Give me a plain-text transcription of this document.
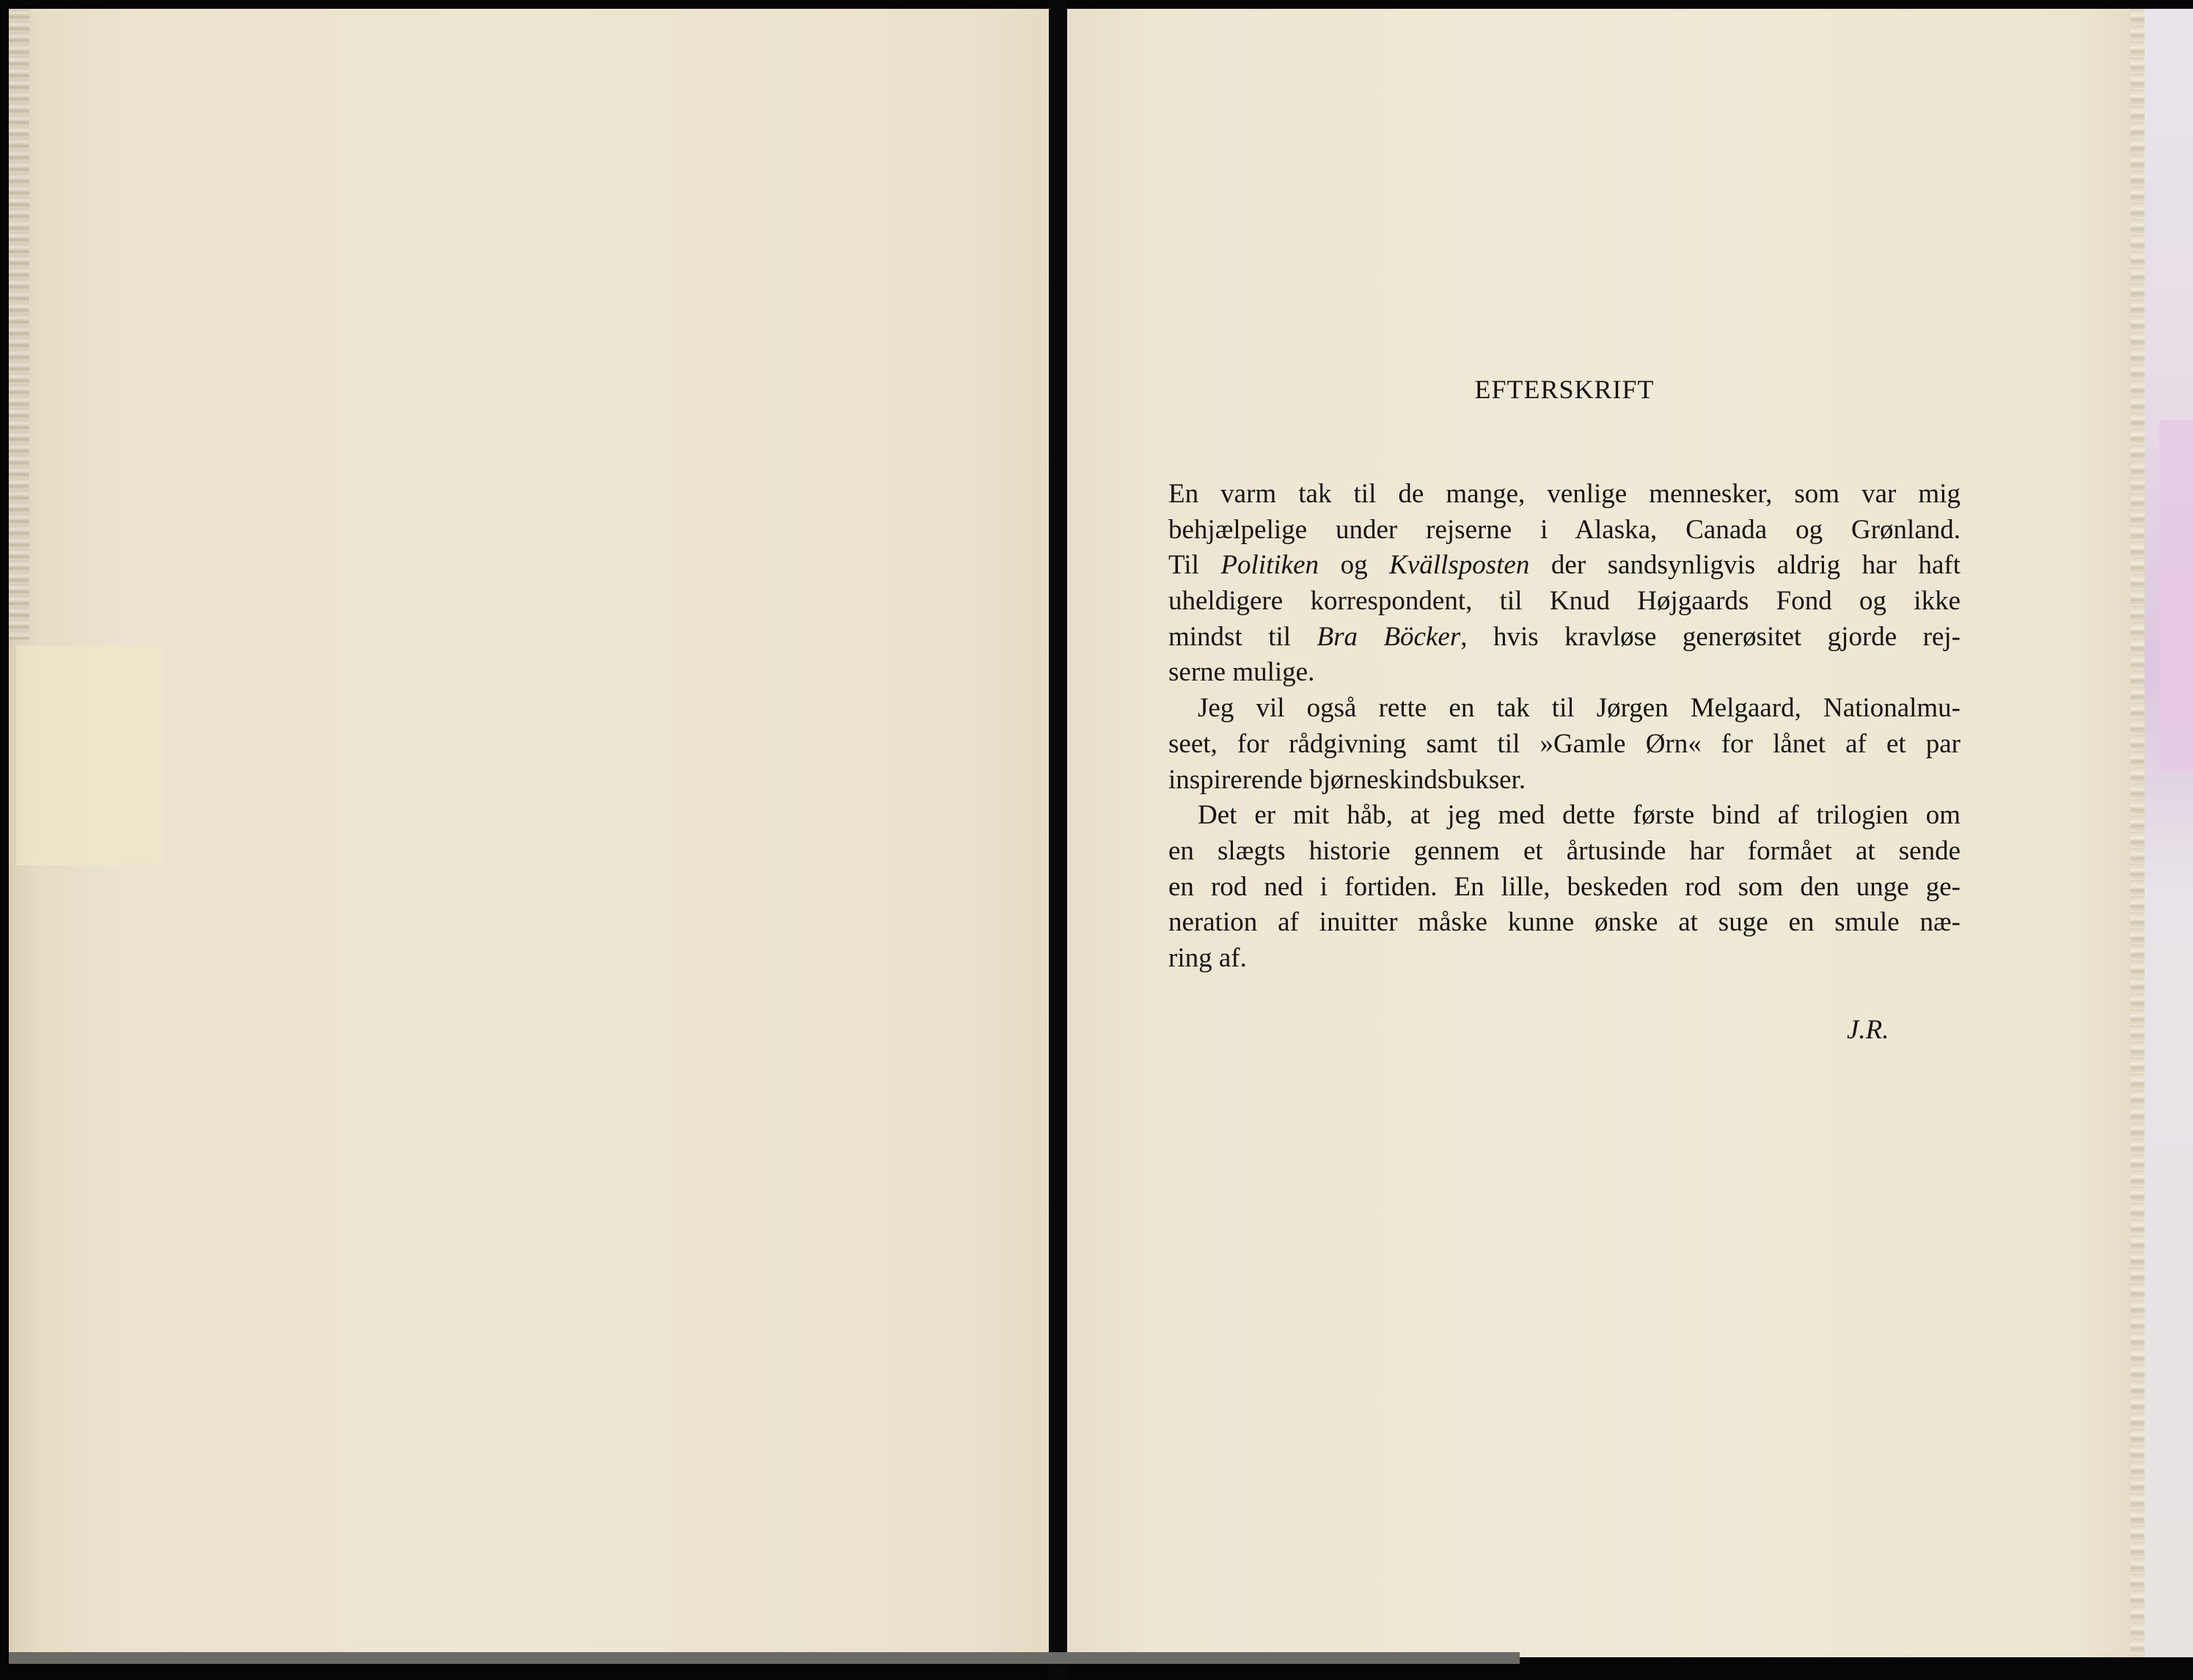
EFTERSKRIFT
En varm tak til de mange, venlige mennesker, som var mig
behjælpelige under rejserne i Alaska, Canada og Grønland.
Til Politiken og Kvällsposten der sandsynligvis aldrig har haft
uheldigere korrespondent, til Knud Højgaards Fond og ikke
mindst til Bra Böcker, hvis kravløse generøsitet gjorde rej-
serne mulige.
Jeg vil også rette en tak til Jørgen Melgaard, Nationalmu-
seet, for rådgivning samt til »Gamle Ørn« for lånet af et par
inspirerende bjørneskindsbukser.
Det er mit håb, at jeg med dette første bind af trilogien om
en slægts historie gennem et årtusinde har formået at sende
en rod ned i fortiden. En lille, beskeden rod som den unge ge-
neration af inuitter måske kunne ønske at suge en smule næ-
ring af.
J.R.
